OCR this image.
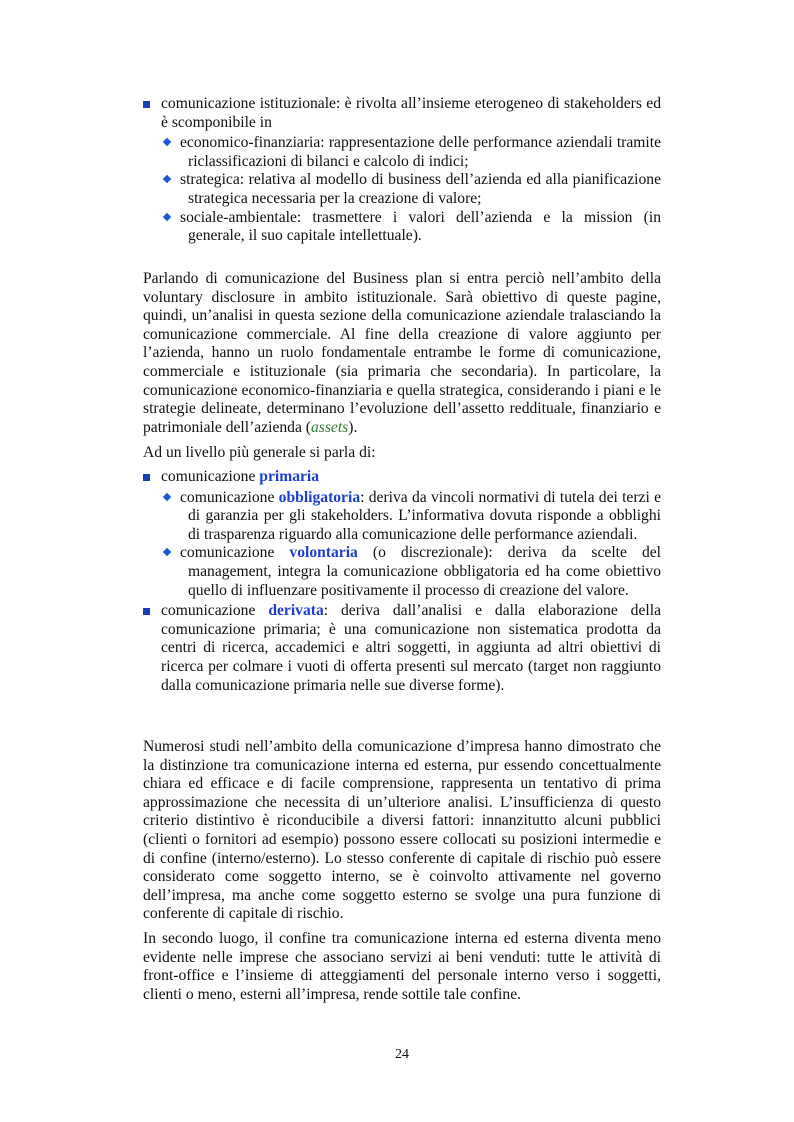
comunicazione istituzionale: è rivolta all’insieme eterogeneo di stakeholders ed è scomponibile in
economico-finanziaria: rappresentazione delle performance aziendali tramite riclassificazioni di bilanci e calcolo di indici;
strategica: relativa al modello di business dell’azienda ed alla pianificazione strategica necessaria per la creazione di valore;
sociale-ambientale: trasmettere i valori dell’azienda e la mission (in generale, il suo capitale intellettuale).

Parlando di comunicazione del Business plan si entra perciò nell’ambito della voluntary disclosure in ambito istituzionale. Sarà obiettivo di queste pagine, quindi, un’analisi in questa sezione della comunicazione aziendale tralasciando la comunicazione commerciale. Al fine della creazione di valore aggiunto per l’azienda, hanno un ruolo fondamentale entrambe le forme di comunicazione, commerciale e istituzionale (sia primaria che secondaria). In particolare, la comunicazione economico-finanziaria e quella strategica, considerando i piani e le strategie delineate, determinano l’evoluzione dell’assetto reddituale, finanziario e patrimoniale dell’azienda (assets).

Ad un livello più generale si parla di:

comunicazione primaria
comunicazione obbligatoria: deriva da vincoli normativi di tutela dei terzi e di garanzia per gli stakeholders. L’informativa dovuta risponde a obblighi di trasparenza riguardo alla comunicazione delle performance aziendali.
comunicazione volontaria (o discrezionale): deriva da scelte del management, integra la comunicazione obbligatoria ed ha come obiettivo quello di influenzare positivamente il processo di creazione del valore.
comunicazione derivata: deriva dall’analisi e dalla elaborazione della comunicazione primaria; è una comunicazione non sistematica prodotta da centri di ricerca, accademici e altri soggetti, in aggiunta ad altri obiettivi di ricerca per colmare i vuoti di offerta presenti sul mercato (target non raggiunto dalla comunicazione primaria nelle sue diverse forme).

Numerosi studi nell’ambito della comunicazione d’impresa hanno dimostrato che la distinzione tra comunicazione interna ed esterna, pur essendo concettualmente chiara ed efficace e di facile comprensione, rappresenta un tentativo di prima approssimazione che necessita di un’ulteriore analisi. L’insufficienza di questo criterio distintivo è riconducibile a diversi fattori: innanzitutto alcuni pubblici (clienti o fornitori ad esempio) possono essere collocati su posizioni intermedie e di confine (interno/esterno). Lo stesso conferente di capitale di rischio può essere considerato come soggetto interno, se è coinvolto attivamente nel governo dell’impresa, ma anche come soggetto esterno se svolge una pura funzione di conferente di capitale di rischio.

In secondo luogo, il confine tra comunicazione interna ed esterna diventa meno evidente nelle imprese che associano servizi ai beni venduti: tutte le attività di front-office e l’insieme di atteggiamenti del personale interno verso i soggetti, clienti o meno, esterni all’impresa, rende sottile tale confine.

24
